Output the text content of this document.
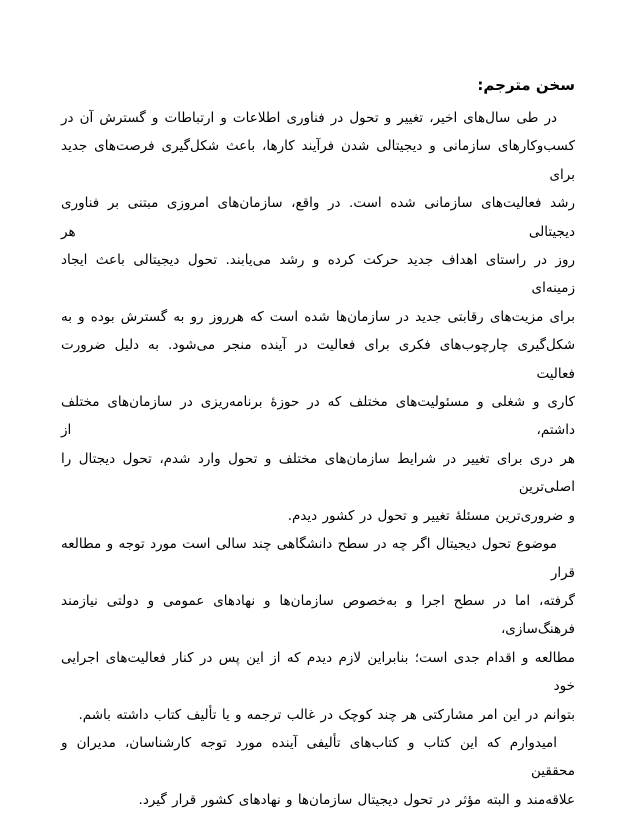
سخن مترجم:
در طی سال‌های اخیر، تغییر و تحول در فناوری اطلاعات و ارتباطات و گسترش آن در
کسب‌وکارهای سازمانی و دیجیتالی شدن فرآیند کارها، باعث شکل‌گیری فرصت‌های جدید برای
رشد فعالیت‌های سازمانی شده است. در واقع، سازمان‌های امروزی مبتنی بر فناوری دیجیتالی هر
روز در راستای اهداف جدید حرکت کرده و رشد می‌یابند. تحول دیجیتالی باعث ایجاد زمینه‌ای
برای مزیت‌های رقابتی جدید در سازمان‌ها شده است که هرروز رو به گسترش بوده و به
شکل‌گیری چارچوب‌های فکری برای فعالیت در آینده منجر می‌شود. به دلیل ضرورت فعالیت
کاری و شغلی و مسئولیت‌های مختلف که در حوزهٔ برنامه‌ریزی در سازمان‌های مختلف داشتم، از
هر دری برای تغییر در شرایط سازمان‌های مختلف و تحول وارد شدم، تحول دیجتال را اصلی‌ترین
و ضروری‌ترین مسئلهٔ تغییر و تحول در کشور دیدم.
موضوع تحول دیجیتال اگر چه در سطح دانشگاهی چند سالی است مورد توجه و مطالعه قرار
گرفته، اما در سطح اجرا و به‌خصوص سازمان‌ها و نهادهای عمومی و دولتی نیازمند فرهنگ‌سازی،
مطالعه و اقدام جدی است؛ بنابراین لازم دیدم که از این پس در کنار فعالیت‌های اجرایی خود
بتوانم در این امر مشارکتی هر چند کوچک در غالب ترجمه و یا تألیف کتاب داشته باشم.
امیدوارم که این کتاب و کتاب‌های تألیفی آینده مورد توجه کارشناسان، مدیران و محققین
علاقه‌مند و البته مؤثر در تحول دیجیتال سازمان‌ها و نهادهای کشور قرار گیرد.
